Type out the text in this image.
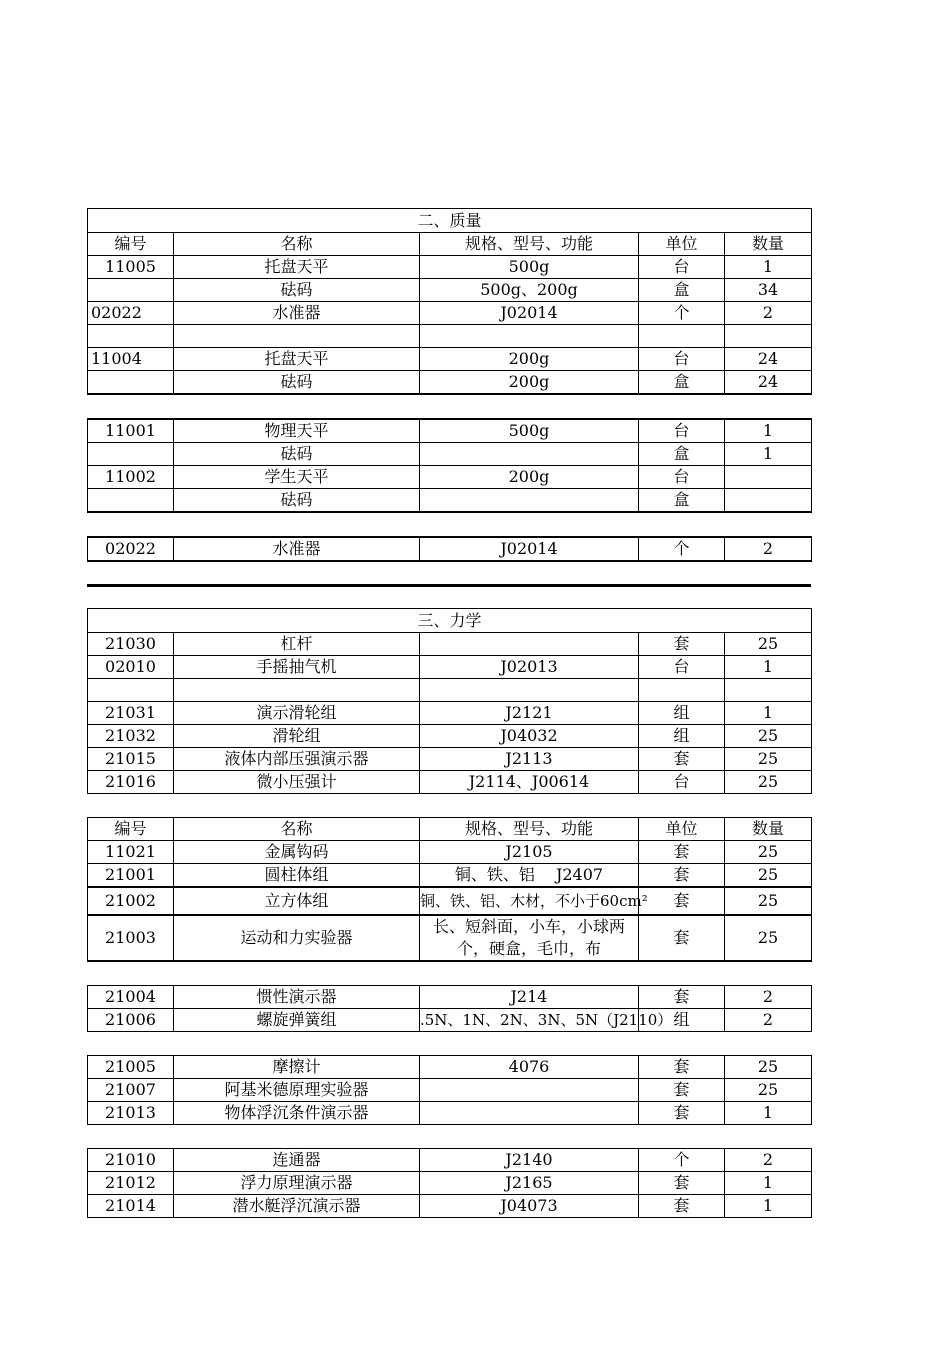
二、质量				
编号	名称	规格、型号、功能	单位	数量
11005	托盘天平	500g	台	1
	砝码	500g、200g	盒	34
02022	水准器	J02014	个	2

11004	托盘天平	200g	台	24
	砝码	200g	盒	24
11001	物理天平	500g	台	1
	砝码		盒	1
11002	学生天平	200g	台	
	砝码		盒	
02022	水准器	J02014	个	2
三、力学				
21030	杠杆		套	25
02010	手摇抽气机	J02013	台	1

21031	演示滑轮组	J2121	组	1
21032	滑轮组	J04032	组	25
21015	液体内部压强演示器	J2113	套	25
21016	微小压强计	J2114、J00614	台	25
编号	名称	规格、型号、功能	单位	数量
11021	金属钩码	J2105	套	25
21001	圆柱体组	铜、铁、铝　 J2407	套	25
21002	立方体组	铜、铁、铝、木材，不小于60cm²	套	25
21003	运动和力实验器	长、短斜面，小车，小球两个，硬盒，毛巾，布	套	25
21004	惯性演示器	J214	套	2
21006	螺旋弹簧组	.5N、1N、2N、3N、5N（J2110）	组	2
21005	摩擦计	4076	套	25
21007	阿基米德原理实验器		套	25
21013	物体浮沉条件演示器		套	1
21010	连通器	J2140	个	2
21012	浮力原理演示器	J2165	套	1
21014	潜水艇浮沉演示器	J04073	套	1
